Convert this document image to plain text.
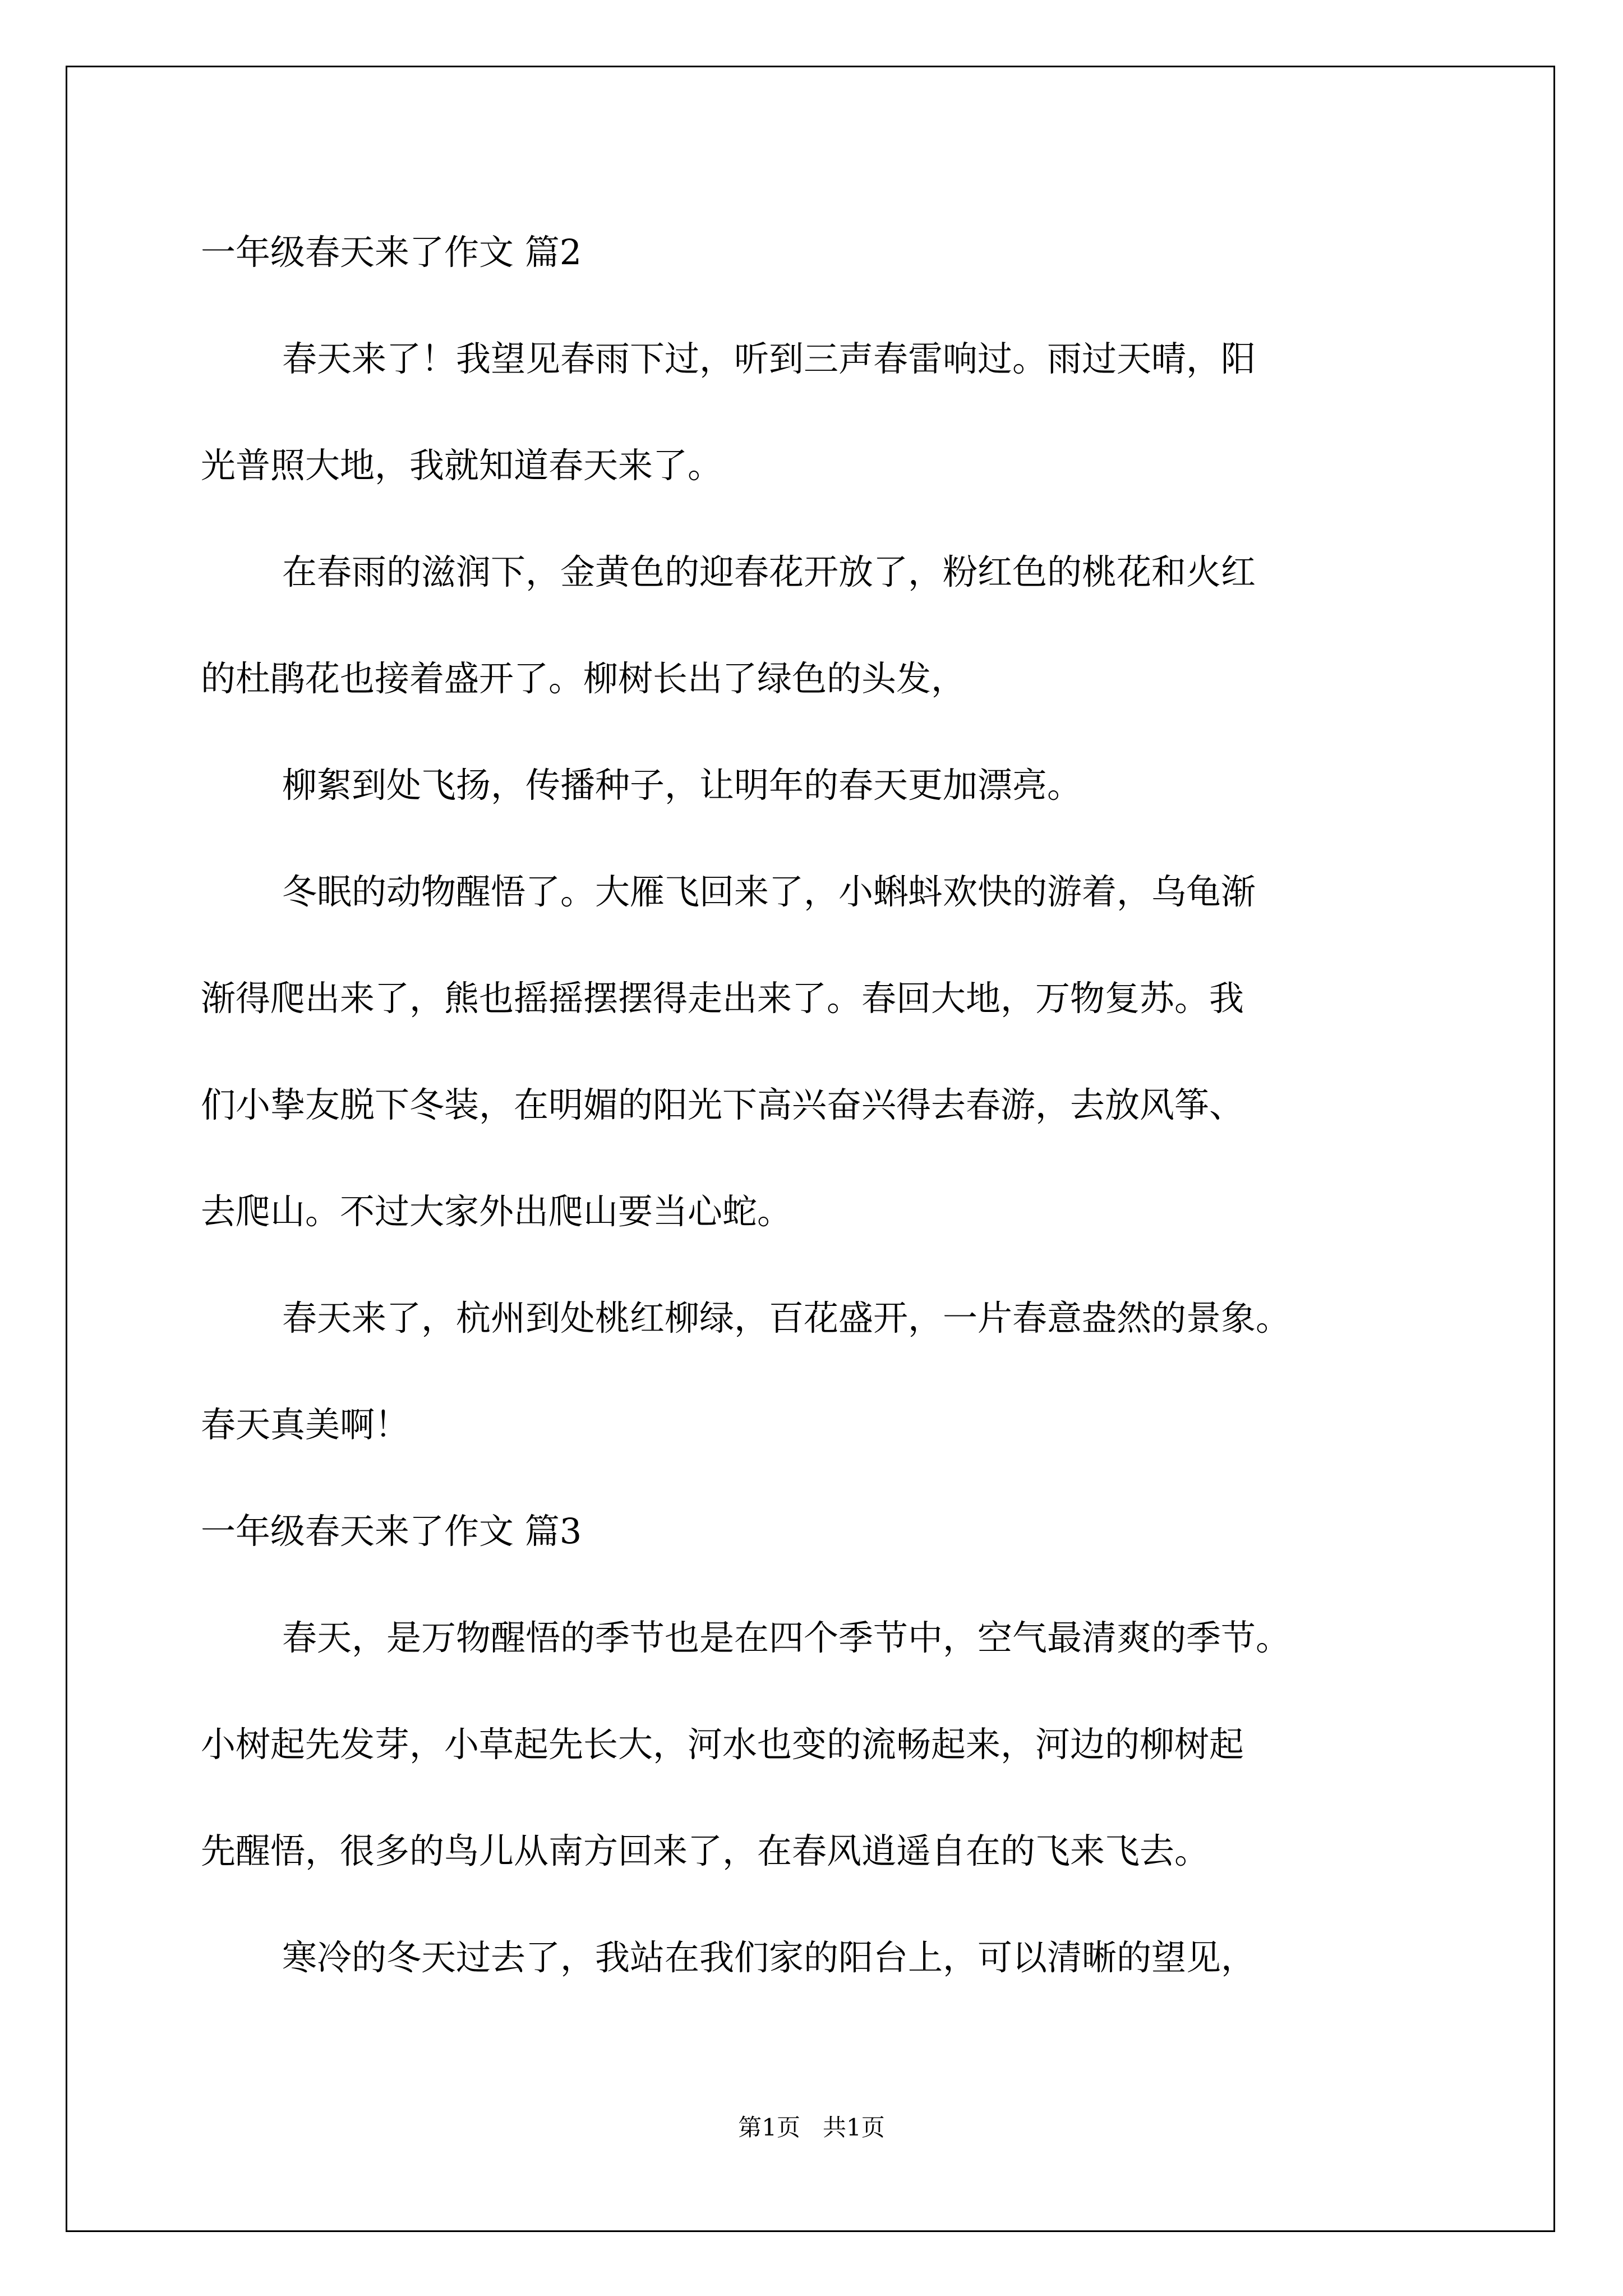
一年级春天来了作文 篇2
春天来了！我望见春雨下过，听到三声春雷响过。雨过天晴，阳
光普照大地，我就知道春天来了。
在春雨的滋润下，金黄色的迎春花开放了，粉红色的桃花和火红
的杜鹃花也接着盛开了。柳树长出了绿色的头发，
柳絮到处飞扬，传播种子，让明年的春天更加漂亮。
冬眠的动物醒悟了。大雁飞回来了，小蝌蚪欢快的游着，乌龟渐
渐得爬出来了，熊也摇摇摆摆得走出来了。春回大地，万物复苏。我
们小挚友脱下冬装，在明媚的阳光下高兴奋兴得去春游，去放风筝、
去爬山。不过大家外出爬山要当心蛇。
春天来了，杭州到处桃红柳绿，百花盛开，一片春意盎然的景象。
春天真美啊！
一年级春天来了作文 篇3
春天，是万物醒悟的季节也是在四个季节中，空气最清爽的季节。
小树起先发芽，小草起先长大，河水也变的流畅起来，河边的柳树起
先醒悟，很多的鸟儿从南方回来了，在春风逍遥自在的飞来飞去。
寒冷的冬天过去了，我站在我们家的阳台上，可以清晰的望见，
第1页 共1页
